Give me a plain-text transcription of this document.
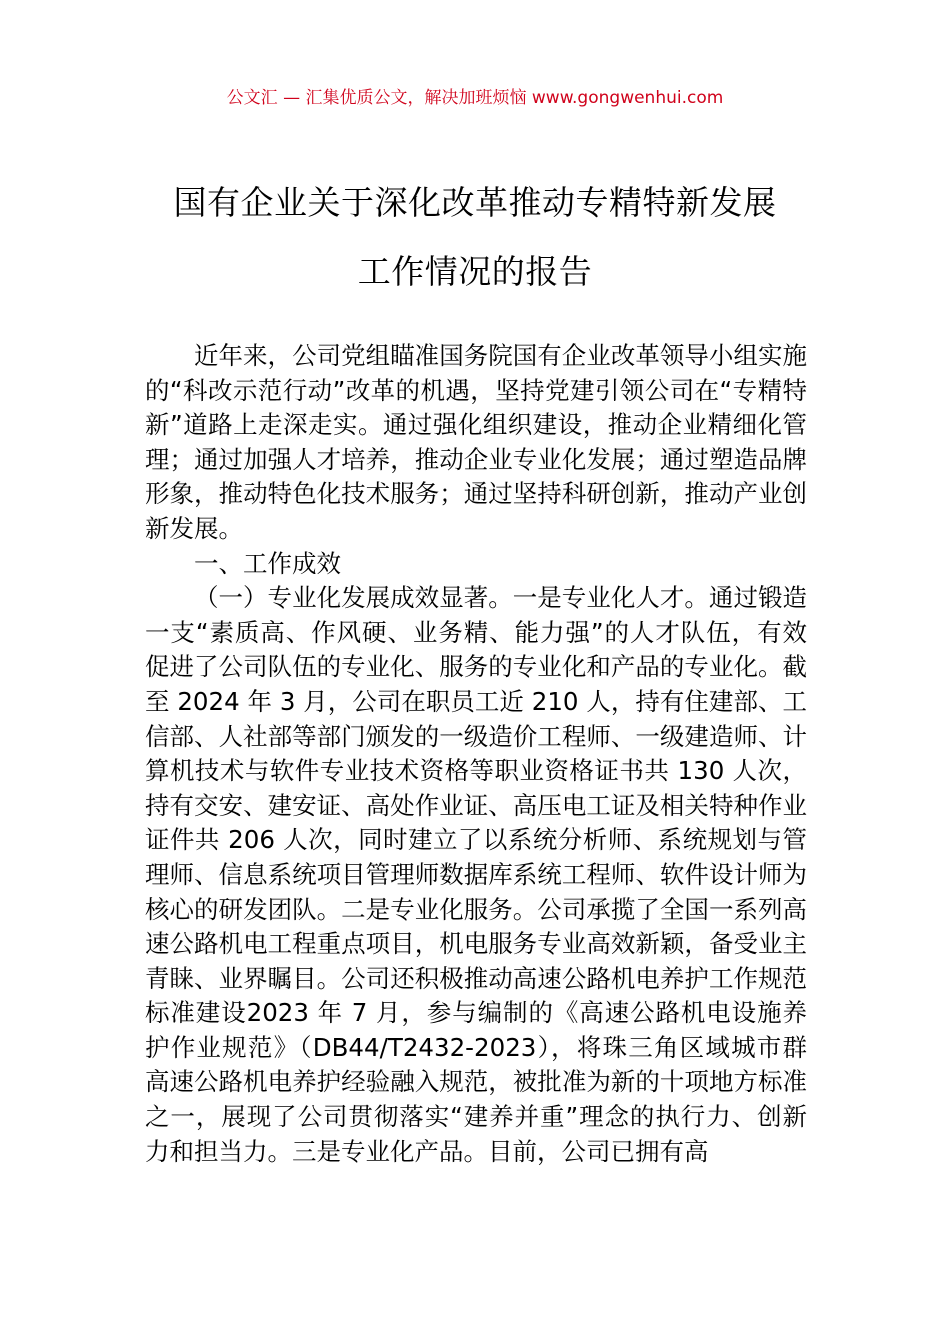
公文汇 — 汇集优质公文，解决加班烦恼 www.gongwenhui.com
国有企业关于深化改革推动专精特新发展
工作情况的报告

近年来，公司党组瞄准国务院国有企业改革领导小组实施的“科改示范行动”改革的机遇，坚持党建引领公司在“专精特新”道路上走深走实。通过强化组织建设，推动企业精细化管理；通过加强人才培养，推动企业专业化发展；通过塑造品牌形象，推动特色化技术服务；通过坚持科研创新，推动产业创新发展。

一、工作成效

（一）专业化发展成效显著。一是专业化人才。通过锻造一支“素质高、作风硬、业务精、能力强”的人才队伍，有效促进了公司队伍的专业化、服务的专业化和产品的专业化。截至 2024 年 3 月，公司在职员工近 210 人，持有住建部、工信部、人社部等部门颁发的一级造价工程师、一级建造师、计算机技术与软件专业技术资格等职业资格证书共 130 人次，持有交安、建安证、高处作业证、高压电工证及相关特种作业证件共 206 人次，同时建立了以系统分析师、系统规划与管理师、信息系统项目管理师数据库系统工程师、软件设计师为核心的研发团队。二是专业化服务。公司承揽了全国一系列高速公路机电工程重点项目，机电服务专业高效新颖，备受业主青睐、业界瞩目。公司还积极推动高速公路机电养护工作规范标准建设2023 年 7 月，参与编制的《高速公路机电设施养护作业规范》（DB44/T2432-2023），将珠三角区域城市群高速公路机电养护经验融入规范，被批准为新的十项地方标准之一，展现了公司贯彻落实“建养并重”理念的执行力、创新力和担当力。三是专业化产品。目前，公司已拥有高
